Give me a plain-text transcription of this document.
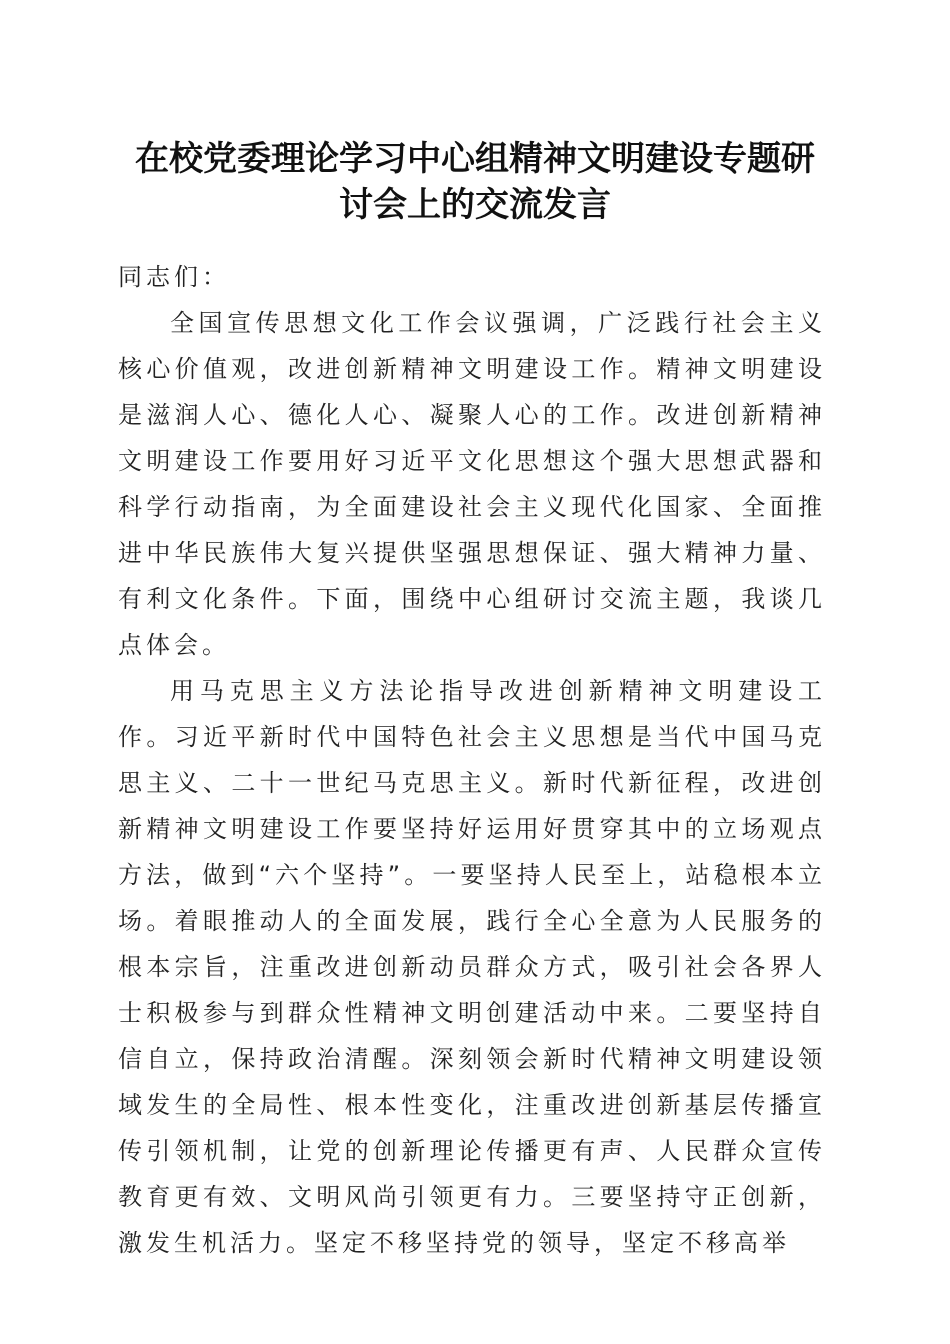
在校党委理论学习中心组精神文明建设专题研
讨会上的交流发言

同志们：

全国宣传思想文化工作会议强调，广泛践行社会主义核心价值观，改进创新精神文明建设工作。精神文明建设是滋润人心、德化人心、凝聚人心的工作。改进创新精神文明建设工作要用好习近平文化思想这个强大思想武器和科学行动指南，为全面建设社会主义现代化国家、全面推进中华民族伟大复兴提供坚强思想保证、强大精神力量、有利文化条件。下面，围绕中心组研讨交流主题，我谈几点体会。

用马克思主义方法论指导改进创新精神文明建设工作。习近平新时代中国特色社会主义思想是当代中国马克思主义、二十一世纪马克思主义。新时代新征程，改进创新精神文明建设工作要坚持好运用好贯穿其中的立场观点方法，做到“六个坚持”。一要坚持人民至上，站稳根本立场。着眼推动人的全面发展，践行全心全意为人民服务的根本宗旨，注重改进创新动员群众方式，吸引社会各界人士积极参与到群众性精神文明创建活动中来。二要坚持自信自立，保持政治清醒。深刻领会新时代精神文明建设领域发生的全局性、根本性变化，注重改进创新基层传播宣传引领机制，让党的创新理论传播更有声、人民群众宣传教育更有效、文明风尚引领更有力。三要坚持守正创新，激发生机活力。坚定不移坚持党的领导，坚定不移高举
